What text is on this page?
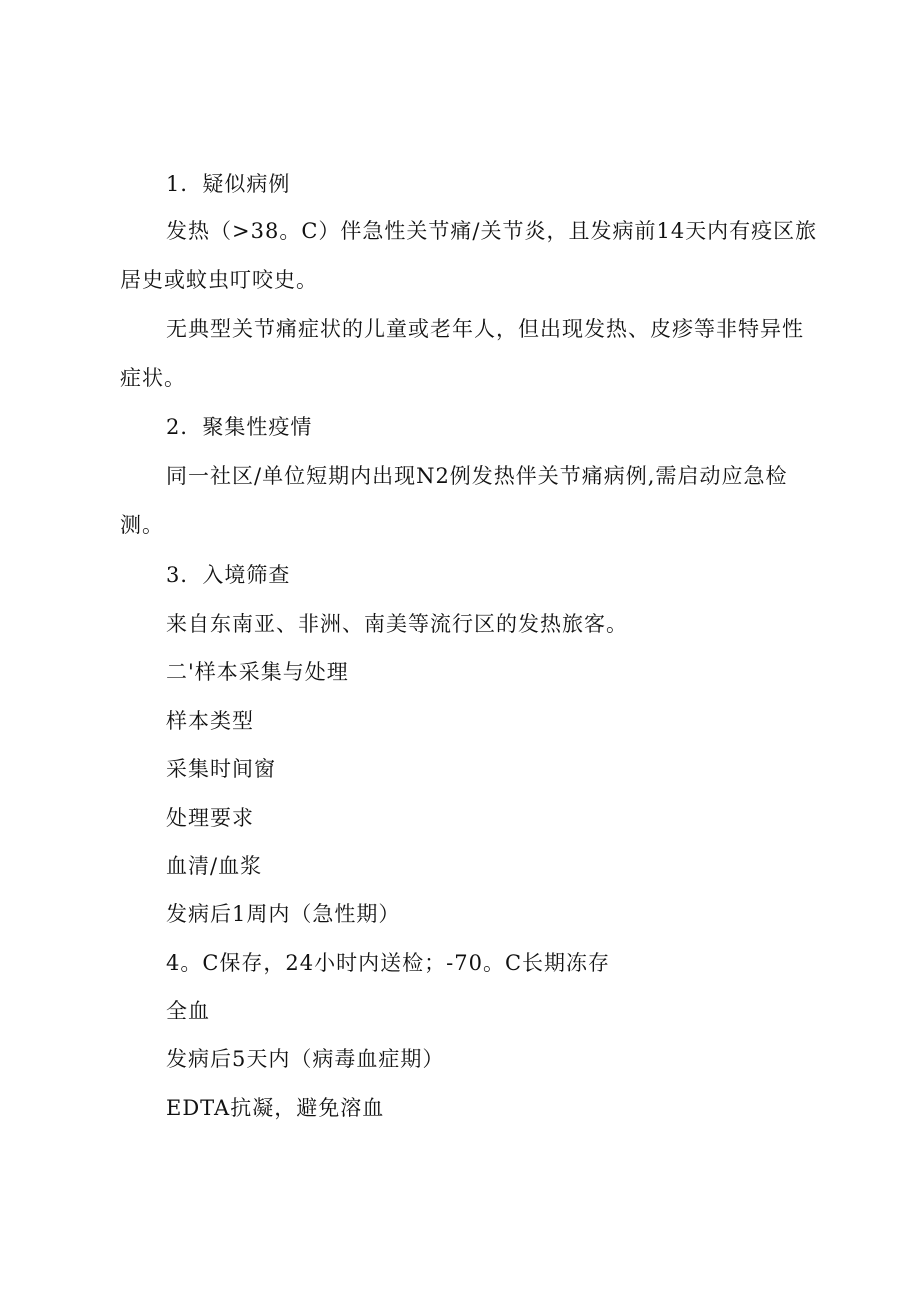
1．疑似病例
发热（>38。C）伴急性关节痛/关节炎，且发病前14天内有疫区旅居史或蚊虫叮咬史。
无典型关节痛症状的儿童或老年人，但出现发热、皮疹等非特异性症状。
2．聚集性疫情
同一社区/单位短期内出现N2例发热伴关节痛病例,需启动应急检测。
3．入境筛查
来自东南亚、非洲、南美等流行区的发热旅客。
二'样本采集与处理
样本类型
采集时间窗
处理要求
血清/血浆
发病后1周内（急性期）
4。C保存，24小时内送检；-70。C长期冻存
全血
发病后5天内（病毒血症期）
EDTA抗凝，避免溶血
